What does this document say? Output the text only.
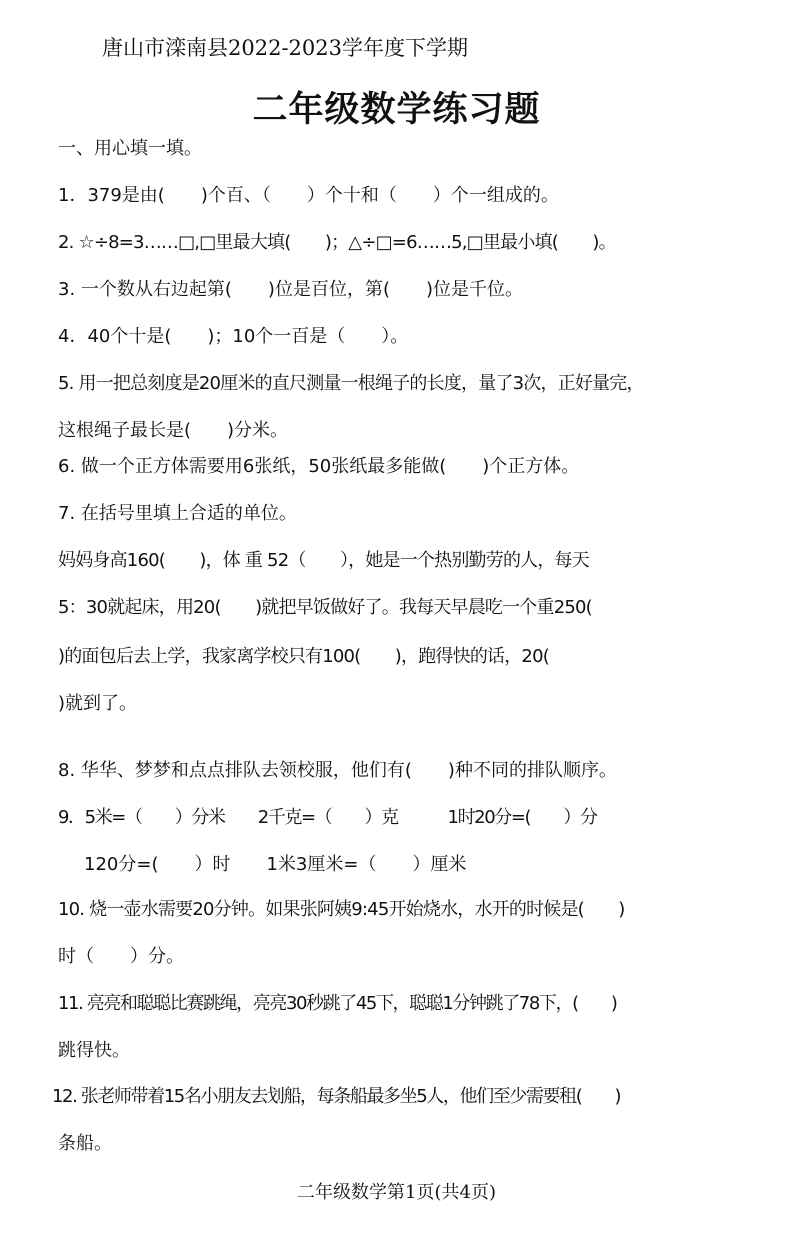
唐山市滦南县2022-2023学年度下学期
二年级数学练习题
一、用心填一填。
1．379是由(　　)个百、（　　）个十和（　　）个一组成的。
2. ☆÷8=3……□,□里最大填(　　)；△÷□=6……5,□里最小填(　　)。
3. 一个数从右边起第(　　)位是百位，第(　　)位是千位。
4．40个十是(　　)；10个一百是（　　）。
5. 用一把总刻度是20厘米的直尺测量一根绳子的长度，量了3次，正好量完，
这根绳子最长是(　　)分米。
6. 做一个正方体需要用6张纸，50张纸最多能做(　　)个正方体。
7. 在括号里填上合适的单位。
妈妈身高160(　　)，体 重 52（　　），她是一个热别勤劳的人，每天
5：30就起床，用20(　　)就把早饭做好了。我每天早晨吃一个重250(
)的面包后去上学，我家离学校只有100(　　)，跑得快的话，20(
)就到了。
8. 华华、梦梦和点点排队去领校服，他们有(　　)种不同的排队顺序。
9．5米=（　　）分米　　2千克=（　　）克　　　1时20分=(　　）分
120分=(　　）时　　1米3厘米=（　　）厘米
10. 烧一壶水需要20分钟。如果张阿姨9:45开始烧水，水开的时候是(　　)
时（　　）分。
11. 亮亮和聪聪比赛跳绳，亮亮30秒跳了45下，聪聪1分钟跳了78下，(　　)
跳得快。
12. 张老师带着15名小朋友去划船，每条船最多坐5人，他们至少需要租(　　)
条船。
二年级数学第1页(共4页)
